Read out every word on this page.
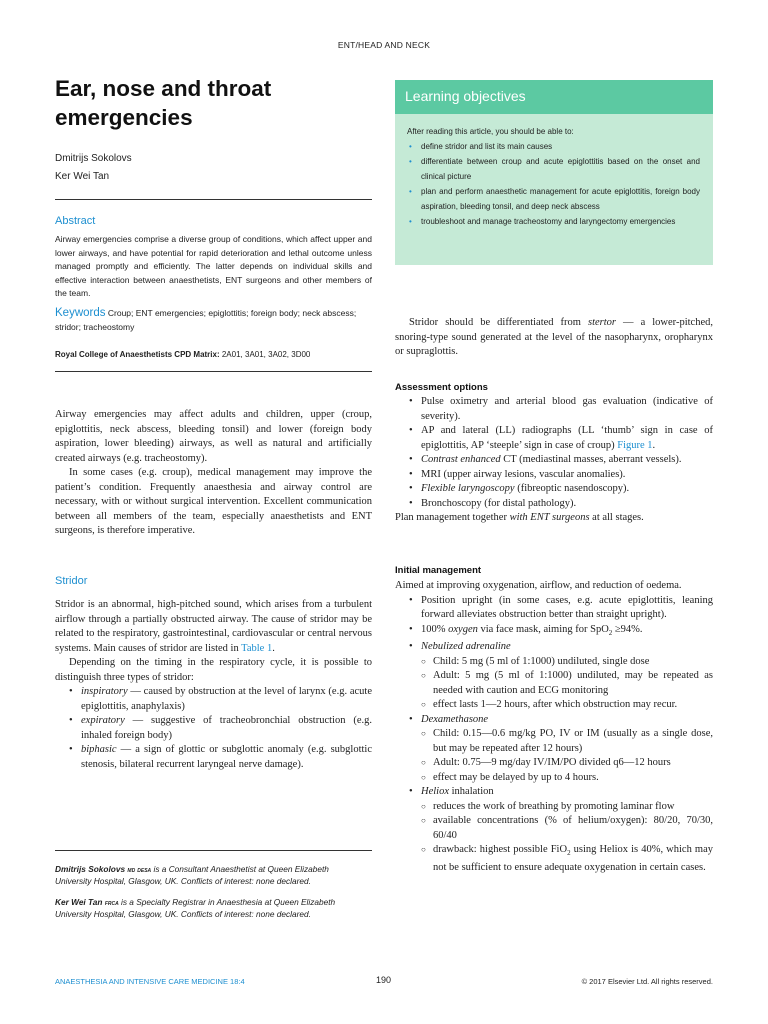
ENT/HEAD AND NECK
Ear, nose and throat emergencies
Dmitrijs Sokolovs
Ker Wei Tan
Abstract
Airway emergencies comprise a diverse group of conditions, which affect upper and lower airways, and have potential for rapid deterioration and lethal outcome unless managed promptly and efficiently. The latter depends on individual skills and effective interaction between anaesthetists, ENT surgeons and other members of the team.
Keywords Croup; ENT emergencies; epiglottitis; foreign body; neck abscess; stridor; tracheostomy
Royal College of Anaesthetists CPD Matrix: 2A01, 3A01, 3A02, 3D00
Learning objectives
After reading this article, you should be able to:
• define stridor and list its main causes
• differentiate between croup and acute epiglottitis based on the onset and clinical picture
• plan and perform anaesthetic management for acute epiglottitis, foreign body aspiration, bleeding tonsil, and deep neck abscess
• troubleshoot and manage tracheostomy and laryngectomy emergencies

Airway emergencies may affect adults and children, upper (croup, epiglottitis, neck abscess, bleeding tonsil) and lower (foreign body aspiration, lower bleeding) airways, as well as natural and artificially created airways (e.g. tracheostomy).

In some cases (e.g. croup), medical management may improve the patient’s condition. Frequently anaesthesia and airway control are necessary, with or without surgical intervention. Excellent communication between all members of the team, especially anaesthetists and ENT surgeons, is therefore imperative.

Stridor

Stridor is an abnormal, high-pitched sound, which arises from a turbulent airflow through a partially obstructed airway. The cause of stridor may be related to the respiratory, gastrointestinal, cardiovascular or central nervous systems. Main causes of stridor are listed in Table 1.

Depending on the timing in the respiratory cycle, it is possible to distinguish three types of stridor:

• inspiratory — caused by obstruction at the level of larynx (e.g. acute epiglottitis, anaphylaxis)
• expiratory — suggestive of tracheobronchial obstruction (e.g. inhaled foreign body)
• biphasic — a sign of glottic or subglottic anomaly (e.g. subglottic stenosis, bilateral recurrent laryngeal nerve damage).

Dmitrijs Sokolovs md desa is a Consultant Anaesthetist at Queen Elizabeth University Hospital, Glasgow, UK. Conflicts of interest: none declared.

Ker Wei Tan frca is a Specialty Registrar in Anaesthesia at Queen Elizabeth University Hospital, Glasgow, UK. Conflicts of interest: none declared.

Stridor should be differentiated from stertor — a lower-pitched, snoring-type sound generated at the level of the nasopharynx, oropharynx or supraglottis.

Assessment options
• Pulse oximetry and arterial blood gas evaluation (indicative of severity).
• AP and lateral (LL) radiographs (LL ‘thumb’ sign in case of epiglottitis, AP ‘steeple’ sign in case of croup) Figure 1.
• Contrast enhanced CT (mediastinal masses, aberrant vessels).
• MRI (upper airway lesions, vascular anomalies).
• Flexible laryngoscopy (fibreoptic nasendoscopy).
• Bronchoscopy (for distal pathology).

Plan management together with ENT surgeons at all stages.

Initial management

Aimed at improving oxygenation, airflow, and reduction of oedema.

• Position upright (in some cases, e.g. acute epiglottitis, leaning forward alleviates obstruction better than straight upright).
• 100% oxygen via face mask, aiming for SpO$_2$ ≥94%.
• Nebulized adrenaline
○ Child: 5 mg (5 ml of 1:1000) undiluted, single dose
○ Adult: 5 mg (5 ml of 1:1000) undiluted, may be repeated as needed with caution and ECG monitoring
○ effect lasts 1—2 hours, after which obstruction may recur.
• Dexamethasone
○ Child: 0.15—0.6 mg/kg PO, IV or IM (usually as a single dose, but may be repeated after 12 hours)
○ Adult: 0.75—9 mg/day IV/IM/PO divided q6—12 hours
○ effect may be delayed by up to 4 hours.
• Heliox inhalation
○ reduces the work of breathing by promoting laminar flow
○ available concentrations (% of helium/oxygen): 80/20, 70/30, 60/40
○ drawback: highest possible FiO$_2$ using Heliox is 40%, which may not be sufficient to ensure adequate oxygenation in certain cases.
ANAESTHESIA AND INTENSIVE CARE MEDICINE 18:4	190	© 2017 Elsevier Ltd. All rights reserved.
